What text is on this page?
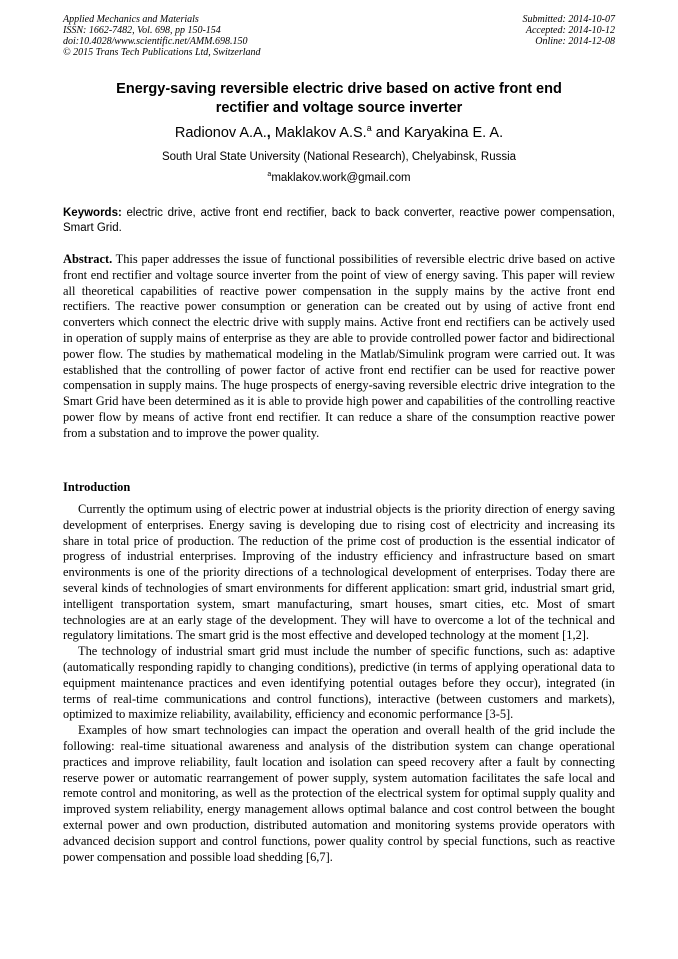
Applied Mechanics and Materials
ISSN: 1662-7482, Vol. 698, pp 150-154
doi:10.4028/www.scientific.net/AMM.698.150
© 2015 Trans Tech Publications Ltd, Switzerland
Submitted: 2014-10-07
Accepted: 2014-10-12
Online: 2014-12-08
Energy-saving reversible electric drive based on active front end
rectifier and voltage source inverter
Radionov A.A., Maklakov A.S.$^a$ and Karyakina E. A.
South Ural State University (National Research), Chelyabinsk, Russia
$^a$maklakov.work@gmail.com
Keywords: electric drive, active front end rectifier, back to back converter, reactive power compensation, Smart Grid.
Abstract. This paper addresses the issue of functional possibilities of reversible electric drive based on active front end rectifier and voltage source inverter from the point of view of energy saving. This paper will review all theoretical capabilities of reactive power compensation in the supply mains by the active front end rectifiers. The reactive power consumption or generation can be created out by using of active front end converters which connect the electric drive with supply mains. Active front end rectifiers can be actively used in operation of supply mains of enterprise as they are able to provide controlled power factor and bidirectional power flow. The studies by mathematical modeling in the Matlab/Simulink program were carried out. It was established that the controlling of power factor of active front end rectifier can be used for reactive power compensation in supply mains. The huge prospects of energy-saving reversible electric drive integration to the Smart Grid have been determined as it is able to provide high power and capabilities of the controlling reactive power flow by means of active front end rectifier. It can reduce a share of the consumption reactive power from a substation and to improve the power quality.
Introduction

Currently the optimum using of electric power at industrial objects is the priority direction of energy saving development of enterprises. Energy saving is developing due to rising cost of electricity and increasing its share in total price of production. The reduction of the prime cost of production is the essential indicator of progress of industrial enterprises. Improving of the industry efficiency and infrastructure based on smart environments is one of the priority directions of a technological development of enterprises. Today there are several kinds of technologies of smart environments for different application: smart grid, industrial smart grid, intelligent transportation system, smart manufacturing, smart houses, smart cities, etc. Most of smart technologies are at an early stage of the development. They will have to overcome a lot of the technical and regulatory limitations. The smart grid is the most effective and developed technology at the moment [1,2].

The technology of industrial smart grid must include the number of specific functions, such as: adaptive (automatically responding rapidly to changing conditions), predictive (in terms of applying operational data to equipment maintenance practices and even identifying potential outages before they occur), integrated (in terms of real-time communications and control functions), interactive (between customers and markets), optimized to maximize reliability, availability, efficiency and economic performance [3-5].

Examples of how smart technologies can impact the operation and overall health of the grid include the following: real-time situational awareness and analysis of the distribution system can change operational practices and improve reliability, fault location and isolation can speed recovery after a fault by connecting reserve power or automatic rearrangement of power supply, system automation facilitates the safe local and remote control and monitoring, as well as the protection of the electrical system for optimal supply quality and improved system reliability, energy management allows optimal balance and cost control between the bought external power and own production, distributed automation and monitoring systems provide operators with advanced decision support and control functions, power quality control by special functions, such as reactive power compensation and possible load shedding [6,7].
